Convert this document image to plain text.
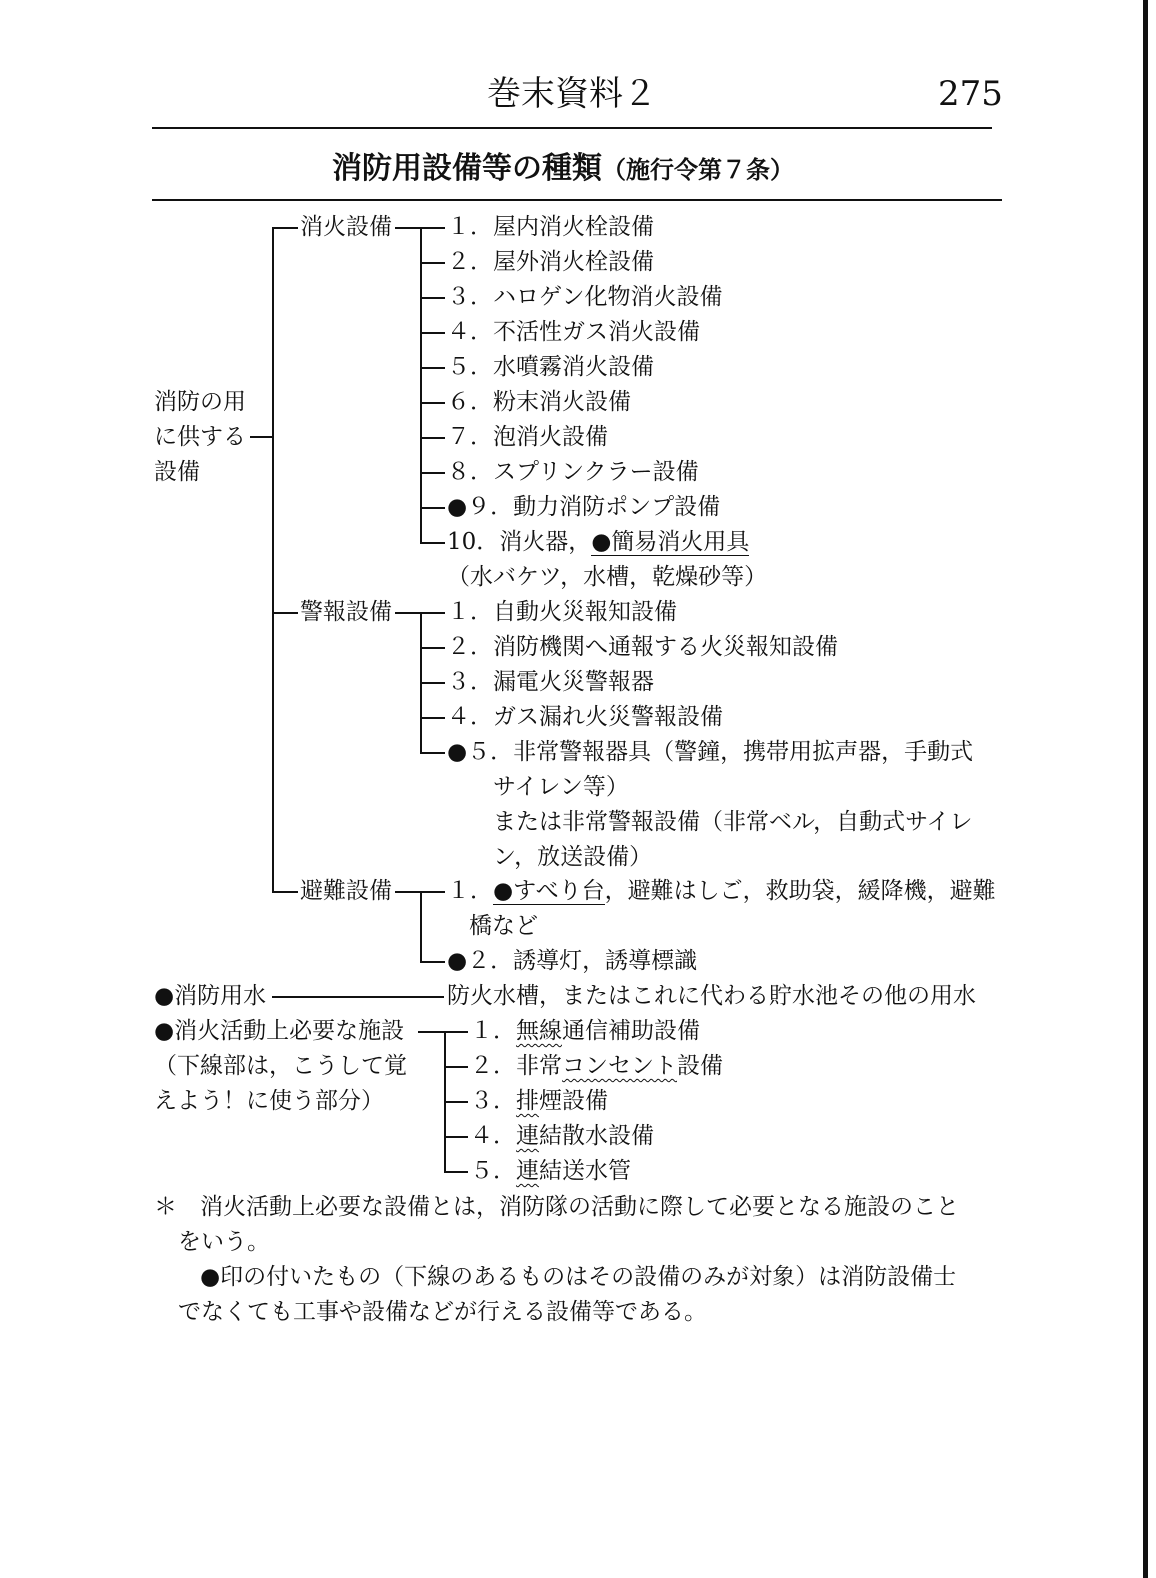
巻末資料２	275
消防用設備等の種類（施行令第７条）
消防の用
に供する
設備
消火設備 １．屋内消火栓設備
２．屋外消火栓設備
３．ハロゲン化物消火設備
４．不活性ガス消火設備
５．水噴霧消火設備
６．粉末消火設備
７．泡消火設備
８．スプリンクラー設備
●９．動力消防ポンプ設備
10．消火器，●簡易消火用具
（水バケツ，水槽，乾燥砂等）
警報設備 １．自動火災報知設備
２．消防機関へ通報する火災報知設備
３．漏電火災警報器
４．ガス漏れ火災警報設備
●５．非常警報器具（警鐘，携帯用拡声器，手動式
サイレン等）
または非常警報設備（非常ベル，自動式サイレ
ン，放送設備）
避難設備 １．●すべり台，避難はしご，救助袋，緩降機，避難
橋など
●２．誘導灯，誘導標識
●消防用水	防火水槽，またはこれに代わる貯水池その他の用水
●消火活動上必要な施設
（下線部は，こうして覚
えよう！に使う部分）
１．無線通信補助設備
２．非常コンセント設備
３．排煙設備
４．連結散水設備
５．連結送水管
＊ 消火活動上必要な設備とは，消防隊の活動に際して必要となる施設のこと
をいう。
●印の付いたもの（下線のあるものはその設備のみが対象）は消防設備士
でなくても工事や設備などが行える設備等である。
